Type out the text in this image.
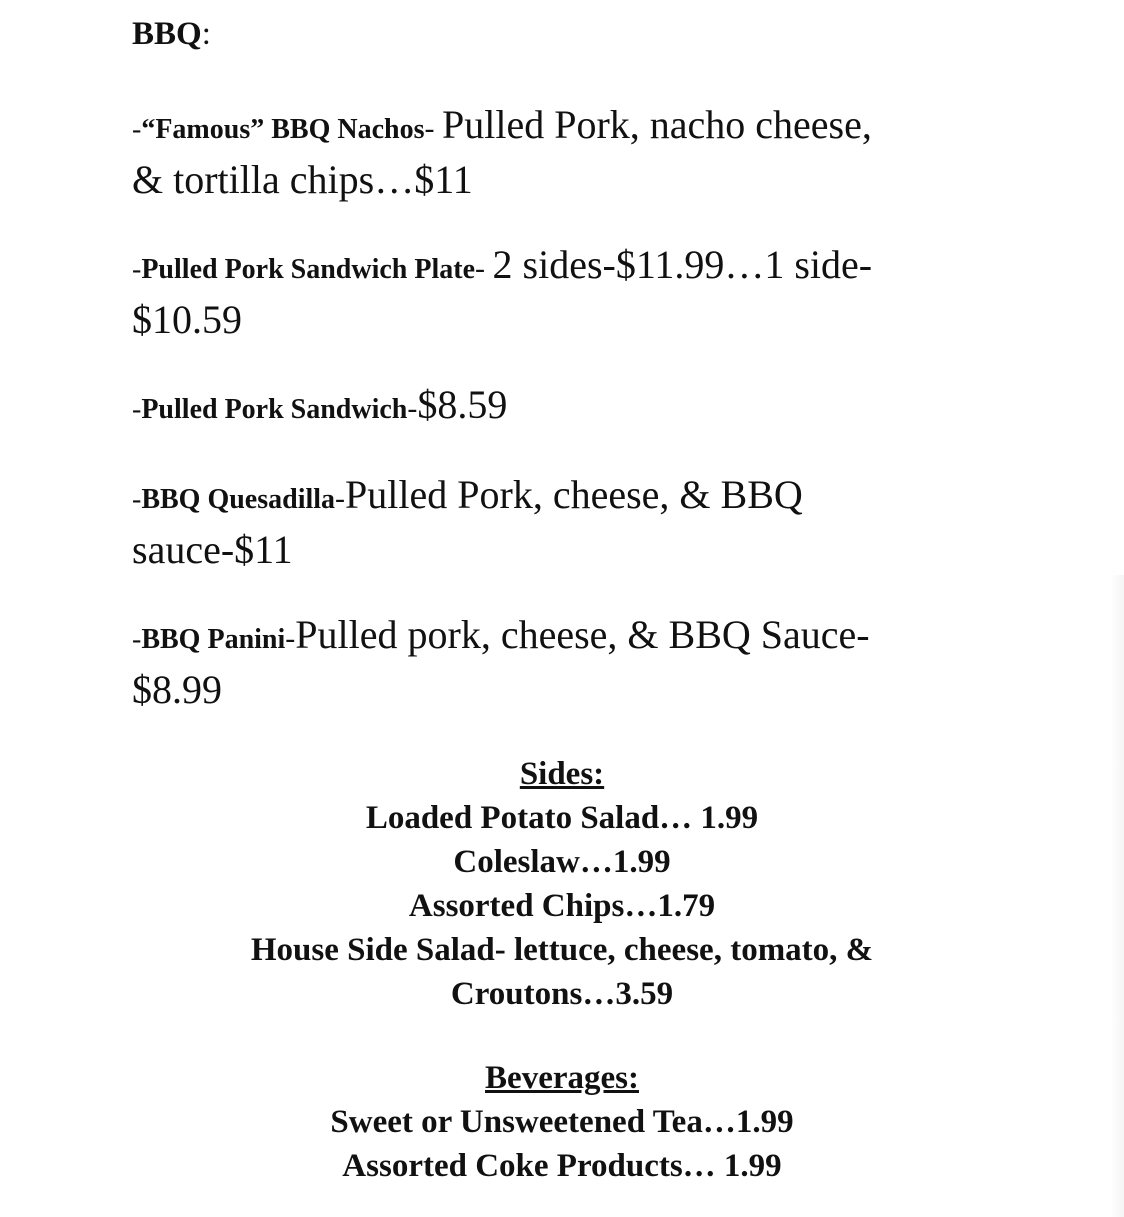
BBQ:
-“Famous” BBQ Nachos- Pulled Pork, nacho cheese,
& tortilla chips…$11
-Pulled Pork Sandwich Plate- 2 sides-$11.99…1 side-
$10.59
-Pulled Pork Sandwich-$8.59
-BBQ Quesadilla-Pulled Pork, cheese, & BBQ
sauce-$11
-BBQ Panini-Pulled pork, cheese, & BBQ Sauce-
$8.99
Sides:
Loaded Potato Salad… 1.99
Coleslaw…1.99
Assorted Chips…1.79
House Side Salad- lettuce, cheese, tomato, &
Croutons…3.59
Beverages:
Sweet or Unsweetened Tea…1.99
Assorted Coke Products… 1.99
